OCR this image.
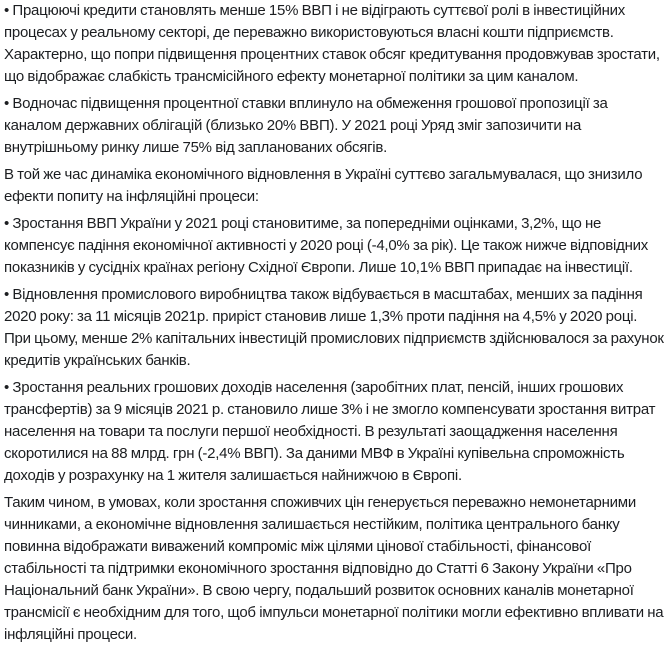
• Працюючі кредити становлять менше 15% ВВП і не відіграють суттєвої ролі в інвестиційних процесах у реальному секторі, де переважно використовуються власні кошти підприємств. Характерно, що попри підвищення процентних ставок обсяг кредитування продовжував зростати, що відображає слабкість трансмісійного ефекту монетарної політики за цим каналом.

• Водночас підвищення процентної ставки вплинуло на обмеження грошової пропозиції за каналом державних облігацій (близько 20% ВВП). У 2021 році Уряд зміг запозичити на внутрішньому ринку лише 75% від запланованих обсягів.

В той же час динаміка економічного відновлення в Україні суттєво загальмувалася, що знизило ефекти попиту на інфляційні процеси:

• Зростання ВВП України у 2021 році становитиме, за попередніми оцінками, 3,2%, що не компенсує падіння економічної активності у 2020 році (-4,0% за рік). Це також нижче відповідних показників у сусідніх країнах регіону Східної Європи. Лише 10,1% ВВП припадає на інвестиції.

• Відновлення промислового виробництва також відбувається в масштабах, менших за падіння 2020 року: за 11 місяців 2021р. приріст становив лише 1,3% проти падіння на 4,5% у 2020 році. При цьому, менше 2% капітальних інвестицій промислових підприємств здійснювалося за рахунок кредитів українських банків.

• Зростання реальних грошових доходів населення (заробітних плат, пенсій, інших грошових трансфертів) за 9 місяців 2021 р. становило лише 3% і не змогло компенсувати зростання витрат населення на товари та послуги першої необхідності. В результаті заощадження населення скоротилися на 88 млрд. грн (-2,4% ВВП). За даними МВФ в Україні купівельна спроможність доходів у розрахунку на 1 жителя залишається найнижчою в Європі.

Таким чином, в умовах, коли зростання споживчих цін генерується переважно немонетарними чинниками, а економічне відновлення залишається нестійким, політика центрального банку повинна відображати виважений компроміс між цілями цінової стабільності, фінансової стабільності та підтримки економічного зростання відповідно до Статті 6 Закону України «Про Національний банк України». В свою чергу, подальший розвиток основних каналів монетарної трансмісії є необхідним для того, щоб імпульси монетарної політики могли ефективно впливати на інфляційні процеси.
